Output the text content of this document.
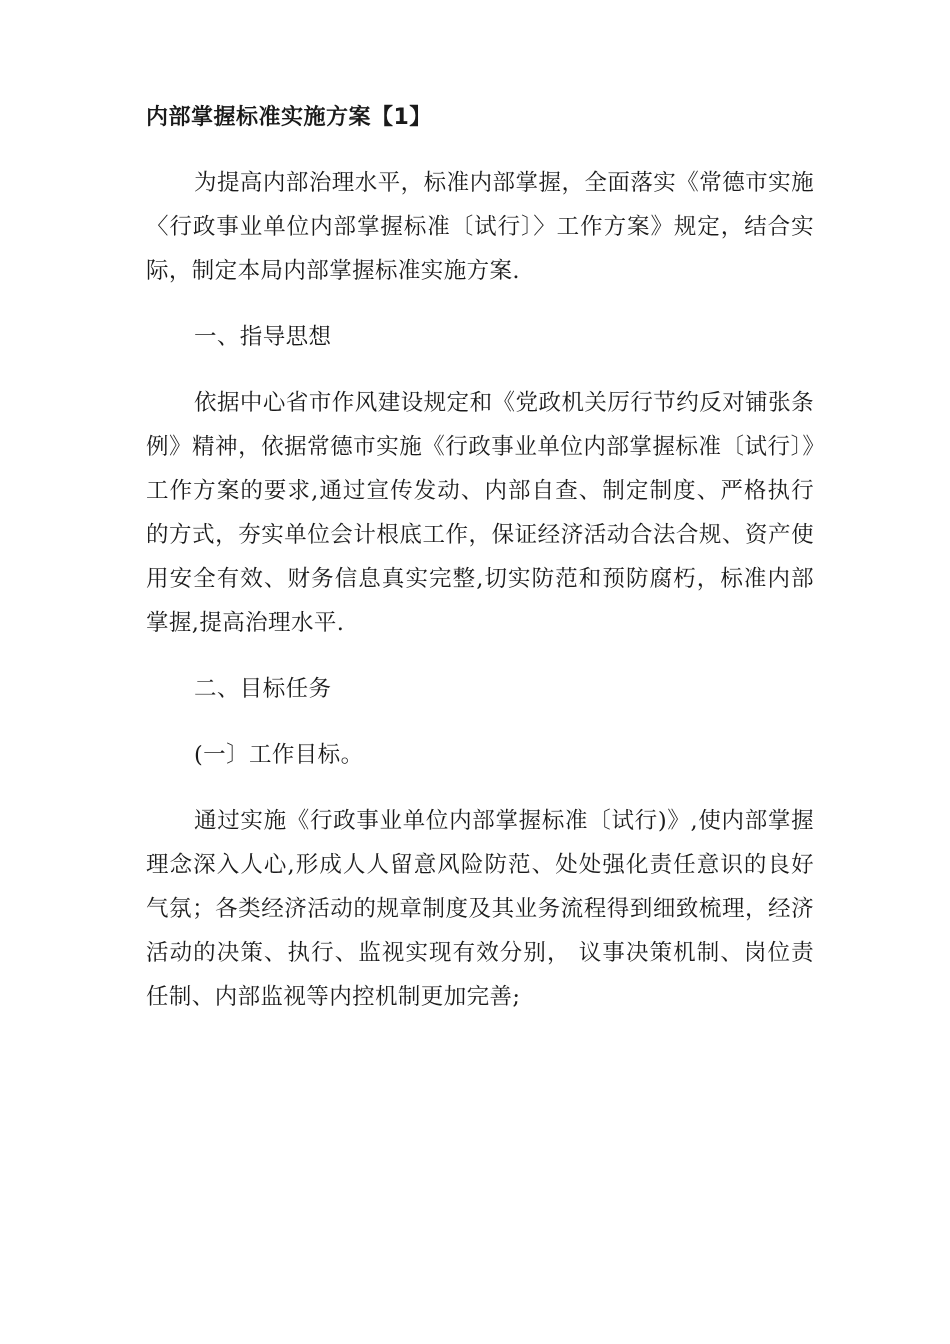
内部掌握标准实施方案【1】

为提高内部治理水平，标准内部掌握，全面落实《常德市实施〈行政事业单位内部掌握标准〔试行〕〉工作方案》规定，结合实际，制定本局内部掌握标准实施方案.

一、指导思想

依据中心省市作风建设规定和《党政机关厉行节约反对铺张条例》精神，依据常德市实施《行政事业单位内部掌握标准〔试行〕》工作方案的要求,通过宣传发动、内部自查、制定制度、严格执行的方式，夯实单位会计根底工作，保证经济活动合法合规、资产使用安全有效、财务信息真实完整,切实防范和预防腐朽，标准内部掌握,提高治理水平.

二、目标任务

(一〕工作目标。

通过实施《行政事业单位内部掌握标准〔试行)》,使内部掌握理念深入人心,形成人人留意风险防范、处处强化责任意识的良好气氛；各类经济活动的规章制度及其业务流程得到细致梳理，经济活动的决策、执行、监视实现有效分别， 议事决策机制、岗位责任制、内部监视等内控机制更加完善;
